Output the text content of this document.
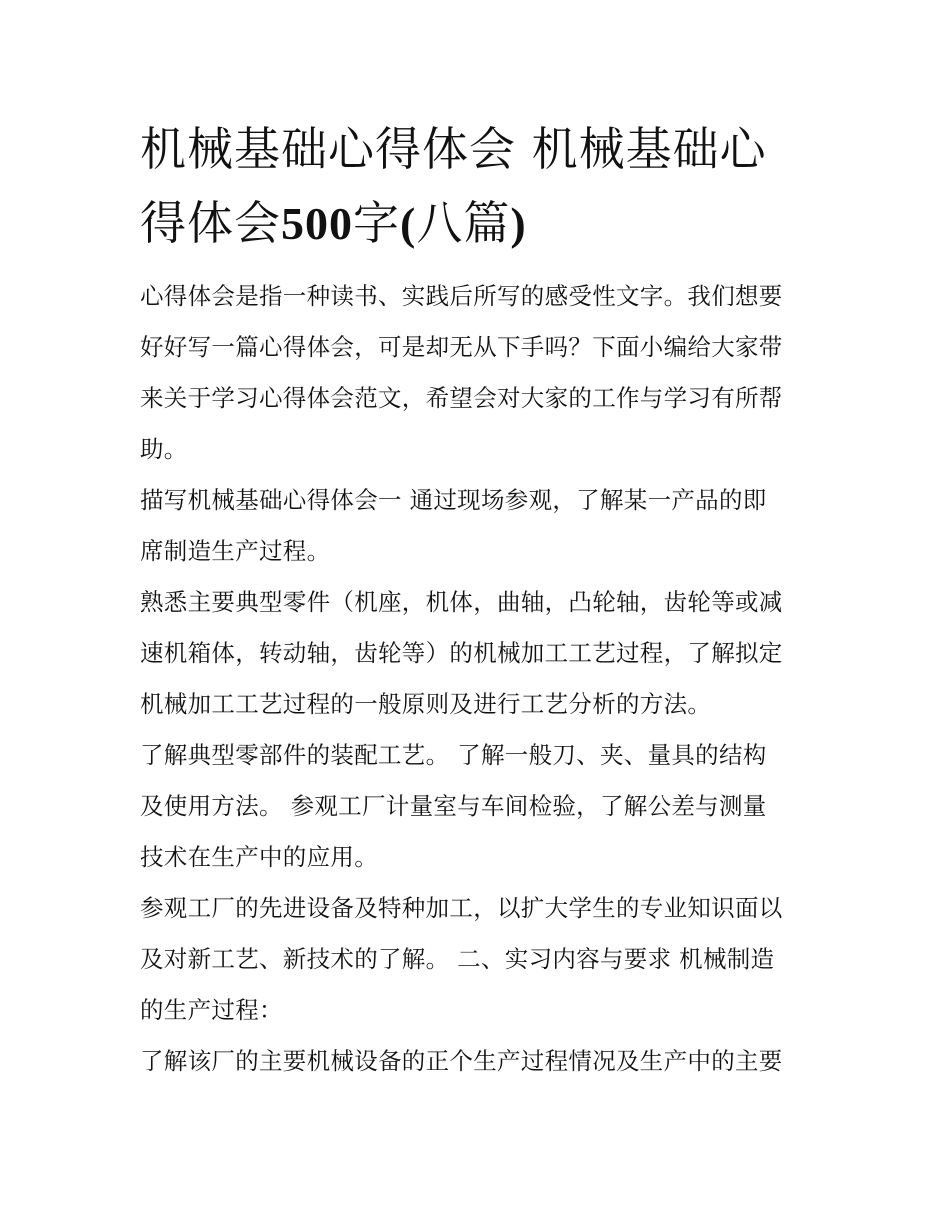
机械基础心得体会 机械基础心
得体会500字(八篇)

心得体会是指一种读书、实践后所写的感受性文字。我们想要
好好写一篇心得体会，可是却无从下手吗？下面小编给大家带
来关于学习心得体会范文，希望会对大家的工作与学习有所帮
助。

描写机械基础心得体会一 通过现场参观，了解某一产品的即
席制造生产过程。

熟悉主要典型零件（机座，机体，曲轴，凸轮轴，齿轮等或减
速机箱体，转动轴，齿轮等）的机械加工工艺过程，了解拟定
机械加工工艺过程的一般原则及进行工艺分析的方法。

了解典型零部件的装配工艺。 了解一般刀、夹、量具的结构
及使用方法。 参观工厂计量室与车间检验，了解公差与测量
技术在生产中的应用。

参观工厂的先进设备及特种加工，以扩大学生的专业知识面以
及对新工艺、新技术的了解。 二、实习内容与要求 机械制造
的生产过程：

了解该厂的主要机械设备的正个生产过程情况及生产中的主要
